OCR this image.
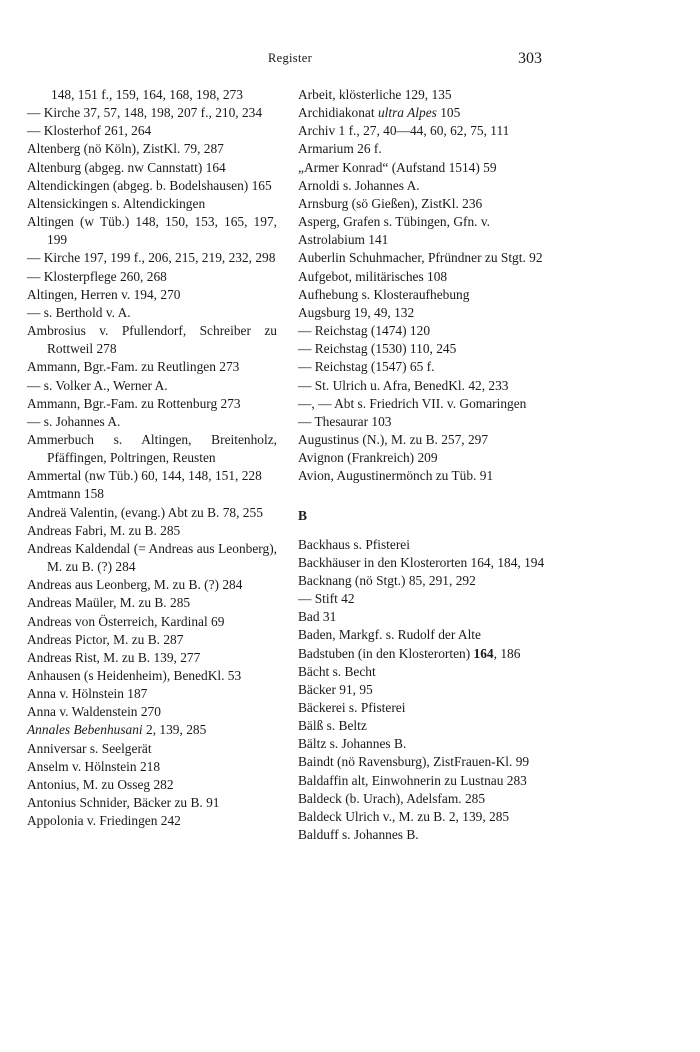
Register	303
148, 151 f., 159, 164, 168, 198, 273
— Kirche 37, 57, 148, 198, 207 f., 210, 234
— Klosterhof 261, 264
Altenberg (nö Köln), ZistKl. 79, 287
Altenburg (abgeg. nw Cannstatt) 164
Altendickingen (abgeg. b. Bodelshausen) 165
Altensickingen s. Altendickingen
Altingen (w Tüb.) 148, 150, 153, 165, 197, 199
— Kirche 197, 199 f., 206, 215, 219, 232, 298
— Klosterpflege 260, 268
Altingen, Herren v. 194, 270
— s. Berthold v. A.
Ambrosius v. Pfullendorf, Schreiber zu Rottweil 278
Ammann, Bgr.-Fam. zu Reutlingen 273
— s. Volker A., Werner A.
Ammann, Bgr.-Fam. zu Rottenburg 273
— s. Johannes A.
Ammerbuch s. Altingen, Breitenholz, Pfäffingen, Poltringen, Reusten
Ammertal (nw Tüb.) 60, 144, 148, 151, 228
Amtmann 158
Andreä Valentin, (evang.) Abt zu B. 78, 255
Andreas Fabri, M. zu B. 285
Andreas Kaldendal (= Andreas aus Leonberg), M. zu B. (?) 284
Andreas aus Leonberg, M. zu B. (?) 284
Andreas Maüler, M. zu B. 285
Andreas von Österreich, Kardinal 69
Andreas Pictor, M. zu B. 287
Andreas Rist, M. zu B. 139, 277
Anhausen (s Heidenheim), BenedKl. 53
Anna v. Hölnstein 187
Anna v. Waldenstein 270
Annales Bebenhusani 2, 139, 285
Anniversar s. Seelgerät
Anselm v. Hölnstein 218
Antonius, M. zu Osseg 282
Antonius Schnider, Bäcker zu B. 91
Appolonia v. Friedingen 242
Arbeit, klösterliche 129, 135
Archidiakonat ultra Alpes 105
Archiv 1 f., 27, 40—44, 60, 62, 75, 111
Armarium 26 f.
„Armer Konrad“ (Aufstand 1514) 59
Arnoldi s. Johannes A.
Arnsburg (sö Gießen), ZistKl. 236
Asperg, Grafen s. Tübingen, Gfn. v.
Astrolabium 141
Auberlin Schuhmacher, Pfründner zu Stgt. 92
Aufgebot, militärisches 108
Aufhebung s. Klosteraufhebung
Augsburg 19, 49, 132
— Reichstag (1474) 120
— Reichstag (1530) 110, 245
— Reichstag (1547) 65 f.
— St. Ulrich u. Afra, BenedKl. 42, 233
—, — Abt s. Friedrich VII. v. Gomaringen
— Thesaurar 103
Augustinus (N.), M. zu B. 257, 297
Avignon (Frankreich) 209
Avion, Augustinermönch zu Tüb. 91
B
Backhaus s. Pfisterei
Backhäuser in den Klosterorten 164, 184, 194
Backnang (nö Stgt.) 85, 291, 292
— Stift 42
Bad 31
Baden, Markgf. s. Rudolf der Alte
Badstuben (in den Klosterorten) 164, 186
Bächt s. Becht
Bäcker 91, 95
Bäckerei s. Pfisterei
Bälß s. Beltz
Bältz s. Johannes B.
Baindt (nö Ravensburg), ZistFrauen-Kl. 99
Baldaffin alt, Einwohnerin zu Lustnau 283
Baldeck (b. Urach), Adelsfam. 285
Baldeck Ulrich v., M. zu B. 2, 139, 285
Balduff s. Johannes B.
